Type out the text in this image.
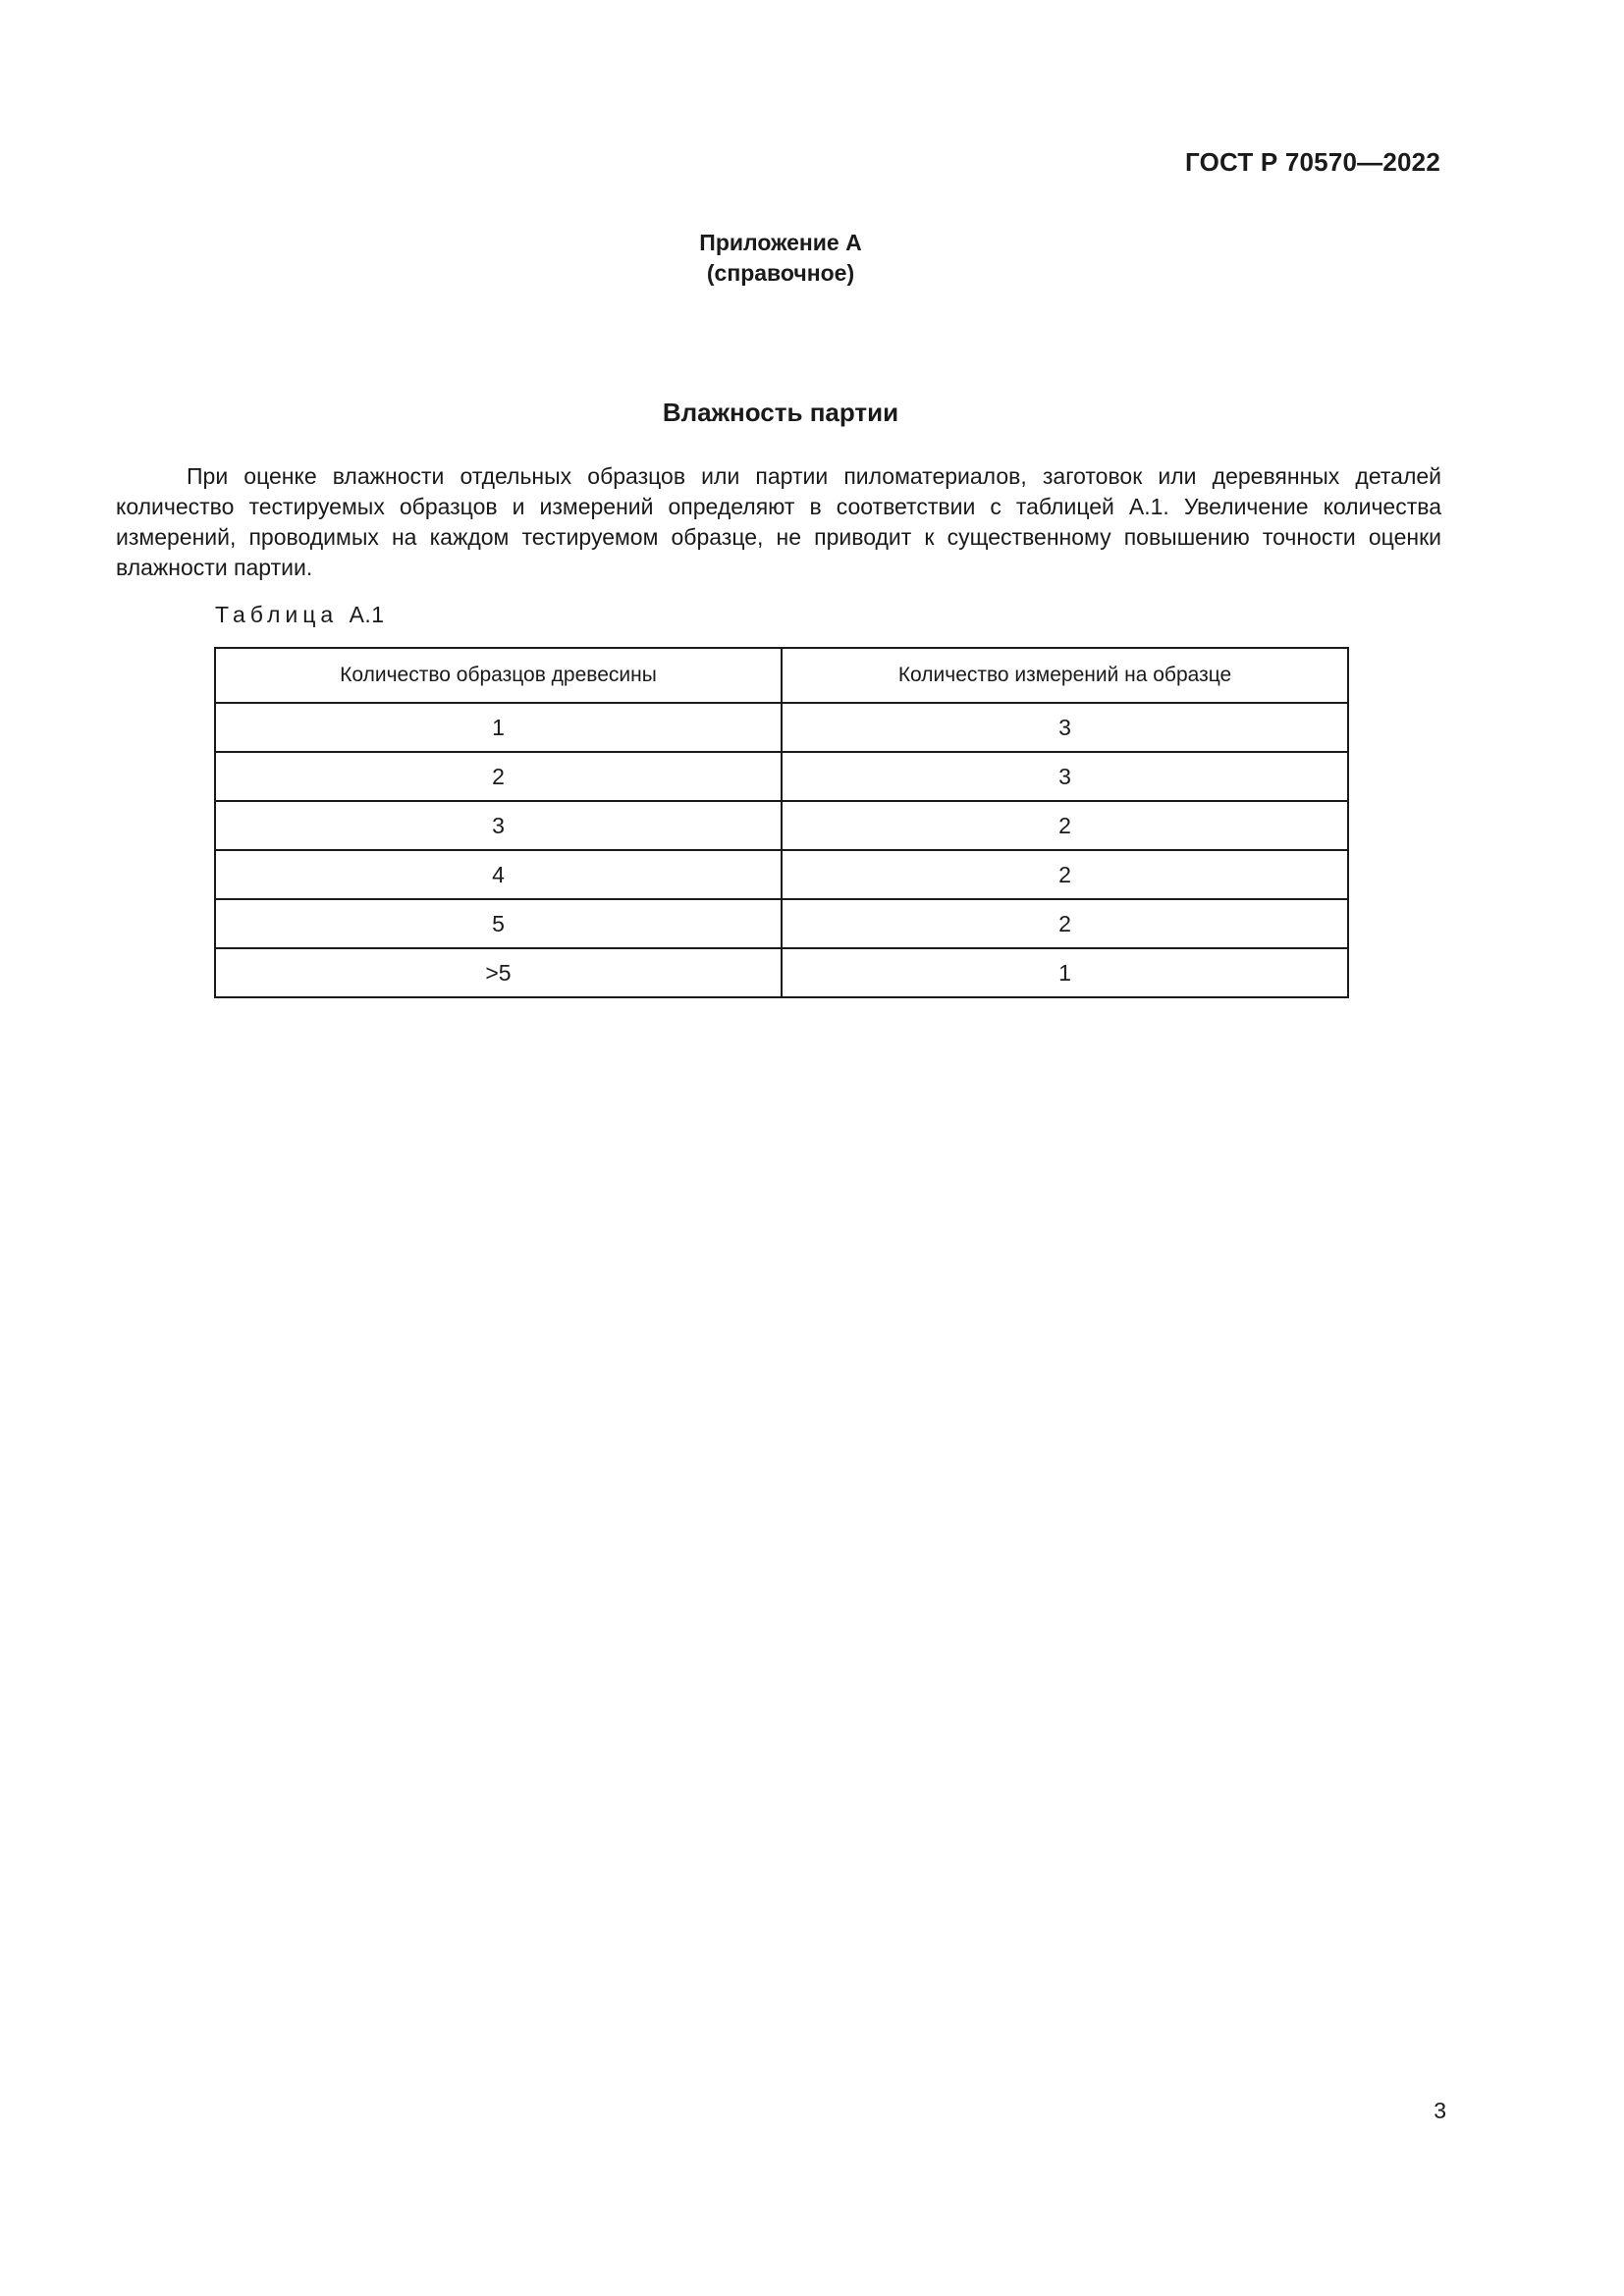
ГОСТ Р 70570—2022
Приложение А
(справочное)
Влажность партии

При оценке влажности отдельных образцов или партии пиломатериалов, заготовок или деревянных деталей количество тестируемых образцов и измерений определяют в соответствии с таблицей А.1. Увеличение количества измерений, проводимых на каждом тестируемом образце, не приводит к существенному повышению точности оценки влажности партии.

Таблица А.1
Количество образцов древесины	Количество измерений на образце
1	3
2	3
3	2
4	2
5	2
>5	1
3
